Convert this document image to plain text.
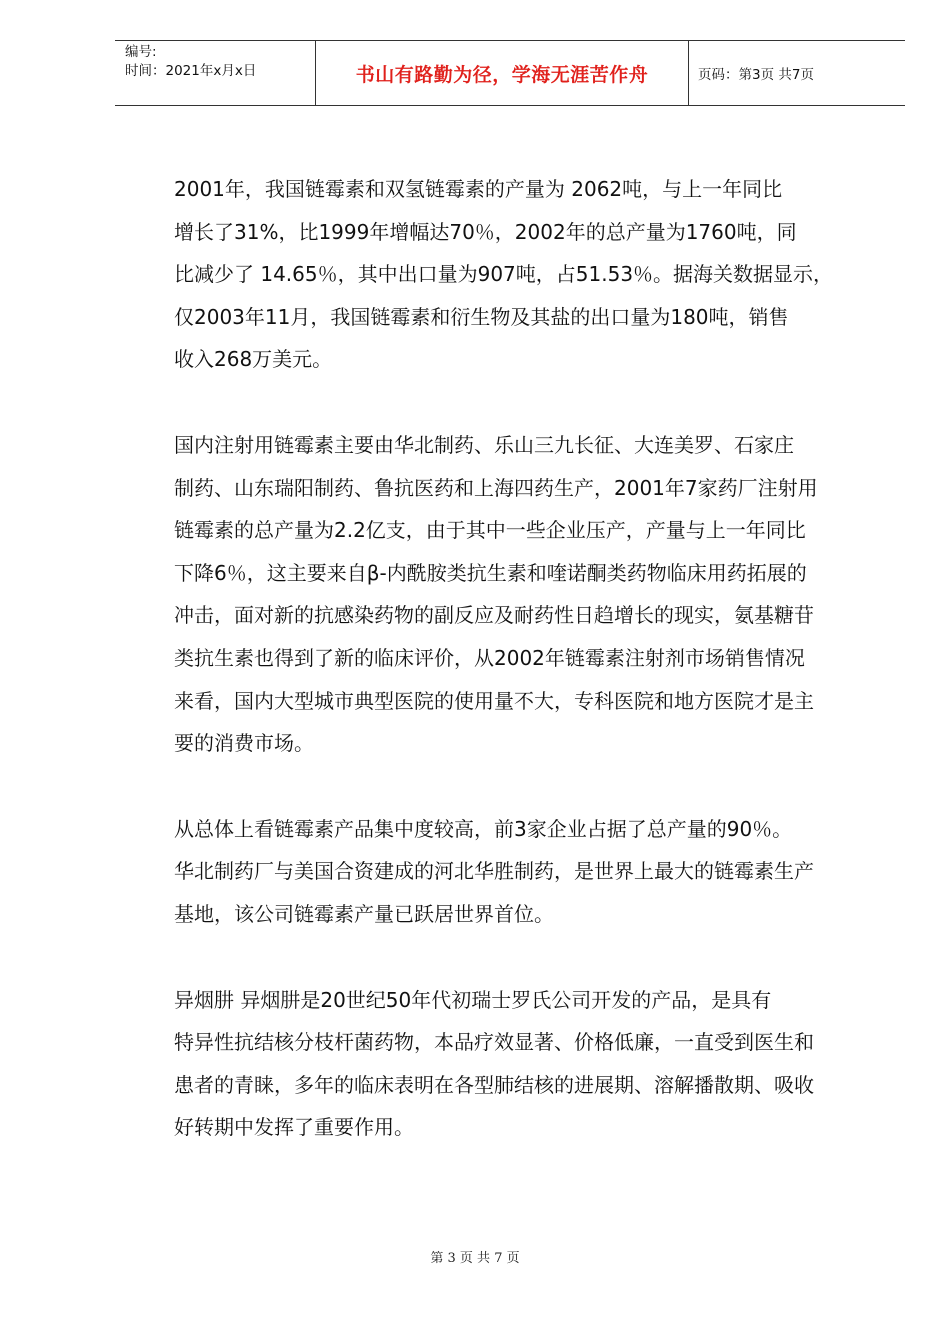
编号:
时间：2021年x月x日	书山有路勤为径，学海无涯苦作舟	页码：第3页 共7页

2001年，我国链霉素和双氢链霉素的产量为 2062吨，与上一年同比
增长了31%，比1999年增幅达70％，2002年的总产量为1760吨，同
比减少了 14.65％，其中出口量为907吨，占51.53％。据海关数据显示，
仅2003年11月，我国链霉素和衍生物及其盐的出口量为180吨，销售
收入268万美元。

国内注射用链霉素主要由华北制药、乐山三九长征、大连美罗、石家庄
制药、山东瑞阳制药、鲁抗医药和上海四药生产，2001年7家药厂注射用
链霉素的总产量为2.2亿支，由于其中一些企业压产，产量与上一年同比
下降6％，这主要来自β-内酰胺类抗生素和喹诺酮类药物临床用药拓展的
冲击，面对新的抗感染药物的副反应及耐药性日趋增长的现实，氨基糖苷
类抗生素也得到了新的临床评价，从2002年链霉素注射剂市场销售情况
来看，国内大型城市典型医院的使用量不大，专科医院和地方医院才是主
要的消费市场。

从总体上看链霉素产品集中度较高，前3家企业占据了总产量的90％。
华北制药厂与美国合资建成的河北华胜制药，是世界上最大的链霉素生产
基地，该公司链霉素产量已跃居世界首位。

异烟肼 异烟肼是20世纪50年代初瑞士罗氏公司开发的产品，是具有
特异性抗结核分枝杆菌药物，本品疗效显著、价格低廉，一直受到医生和
患者的青睐，多年的临床表明在各型肺结核的进展期、溶解播散期、吸收
好转期中发挥了重要作用。

第 3 页 共 7 页
